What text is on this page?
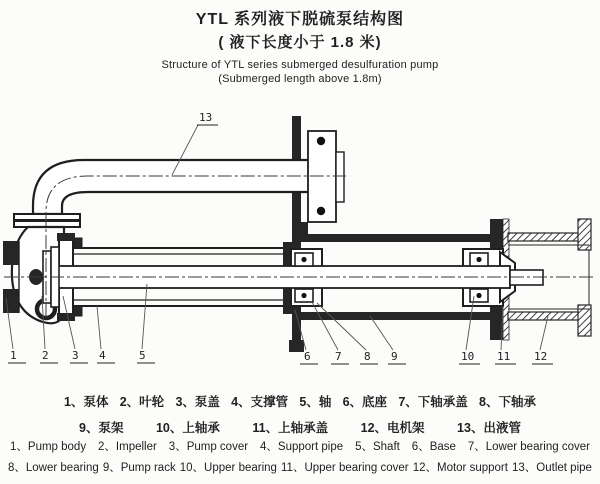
YTL 系列液下脱硫泵结构图
( 液下长度小于 1.8 米)
Structure of YTL series submerged desulfuration pump
(Submerged length above 1.8m)
1 2 3 4	5	6 7 8 9	10 11 12
13
1、泵体 2、叶轮 3、泵盖 4、支撑管 5、轴 6、底座 7、下轴承盖 8、下轴承
9、泵架	10、上轴承	11、上轴承盖	12、电机架	13、出液管
1、Pump body 2、Impeller 3、Pump cover 4、Support pipe 5、Shaft 6、Base 7、Lower bearing cover
8、Lower bearing 9、Pump rack 10、Upper bearing 11、Upper bearing cover 12、Motor support 13、Outlet pipe
